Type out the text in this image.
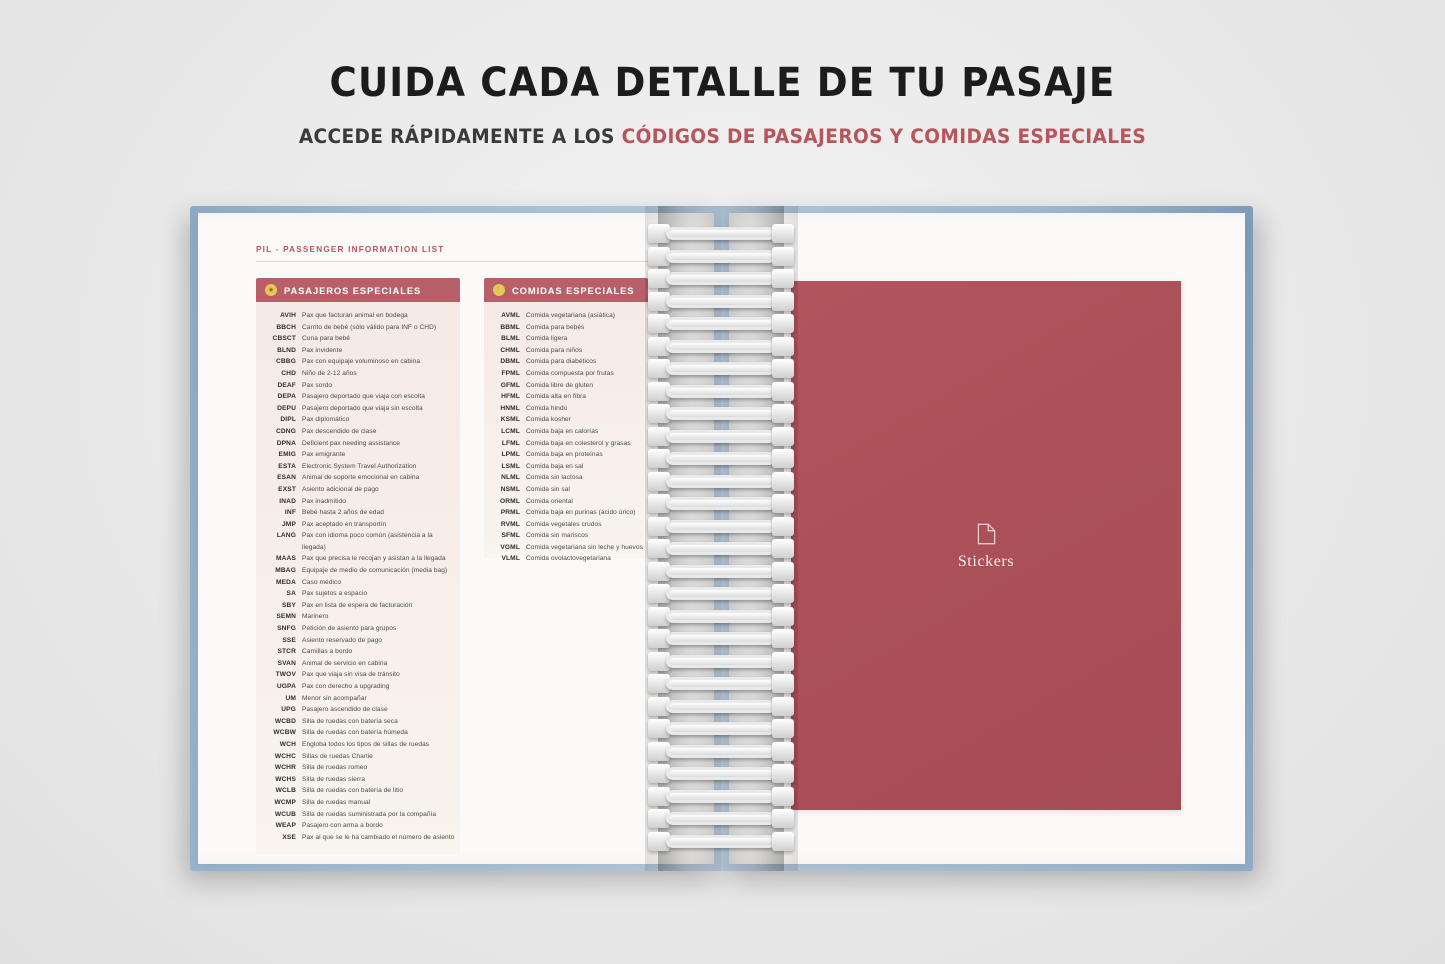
CUIDA CADA DETALLE DE TU PASAJE
ACCEDE RÁPIDAMENTE A LOS CÓDIGOS DE PASAJEROS Y COMIDAS ESPECIALES
PIL - PASSENGER INFORMATION LIST
★	PASAJEROS ESPECIALES
AVIH Pax que facturan animal en bodega
BBCH Carrito de bebé (sólo válido para INF o CHD)
CBSCT Cuna para bebé
BLND Pax invidente
CBBG Pax con equipaje voluminoso en cabina
CHD Niño de 2-12 años
DEAF Pax sordo
DEPA Pasajero deportado que viaja con escolta
DEPU Pasajero deportado que viaja sin escolta
DIPL Pax diplomático
CDNG Pax descendido de clase
DPNA Deficient pax needing assistance
EMIG Pax emigrante
ESTA Electronic System Travel Authorization
ESAN Animal de soporte emocional en cabina
EXST Asiento adicional de pago
INAD Pax inadmitido
INF Bebé hasta 2 años de edad
JMP Pax aceptado en transportín
LANG Pax con idioma poco común (asistencia a la llegada)
MAAS Pax que precisa le recojan y asistan a la llegada
MBAG Equipaje de medio de comunicación (media bag)
MEDA Caso médico
SA Pax sujetos a espacio
SBY Pax en lista de espera de facturación
SEMN Marinero
SNFG Petición de asiento para grupos
SSE Asiento reservado de pago
STCR Camillas a bordo
SVAN Animal de servicio en cabina
TWOV Pax que viaja sin visa de tránsito
UGPA Pax con derecho a upgrading
UM Menor sin acompañar
UPG Pasajero ascendido de clase
WCBD Silla de ruedas con batería seca
WCBW Silla de ruedas con batería húmeda
WCH Engloba todos los tipos de sillas de ruedas
WCHC Sillas de ruedas Charlie
WCHR Silla de ruedas romeo
WCHS Silla de ruedas sierra
WCLB Silla de ruedas con batería de litio
WCMP Silla de ruedas manual
WCUB Silla de ruedas suministrada por la compañía
WEAP Pasajero con arma a bordo
XSE Pax al que se le ha cambiado el número de asiento
🍴 COMIDAS ESPECIALES
AVML Comida vegetariana (asiática)
BBML Comida para bebés
BLML Comida ligera
CHML Comida para niños
DBML Comida para diabéticos
FPML Comida compuesta por frutas
GFML Comida libre de gluten
HFML Comida alta en fibra
HNML Comida hindú
KSML Comida kosher
LCML Comida baja en calorías
LFML Comida baja en colesterol y grasas
LPML Comida baja en proteínas
LSML Comida baja en sal
NLML Comida sin lactosa
NSML Comida sin sal
ORML Comida oriental
PRML Comida baja en purinas (ácido úrico)
RVML Comida vegetales crudos
SFML Comida sin mariscos
VGML Comida vegetariana sin leche y huevos
VLML Comida ovolactovegetariana	Stickers
